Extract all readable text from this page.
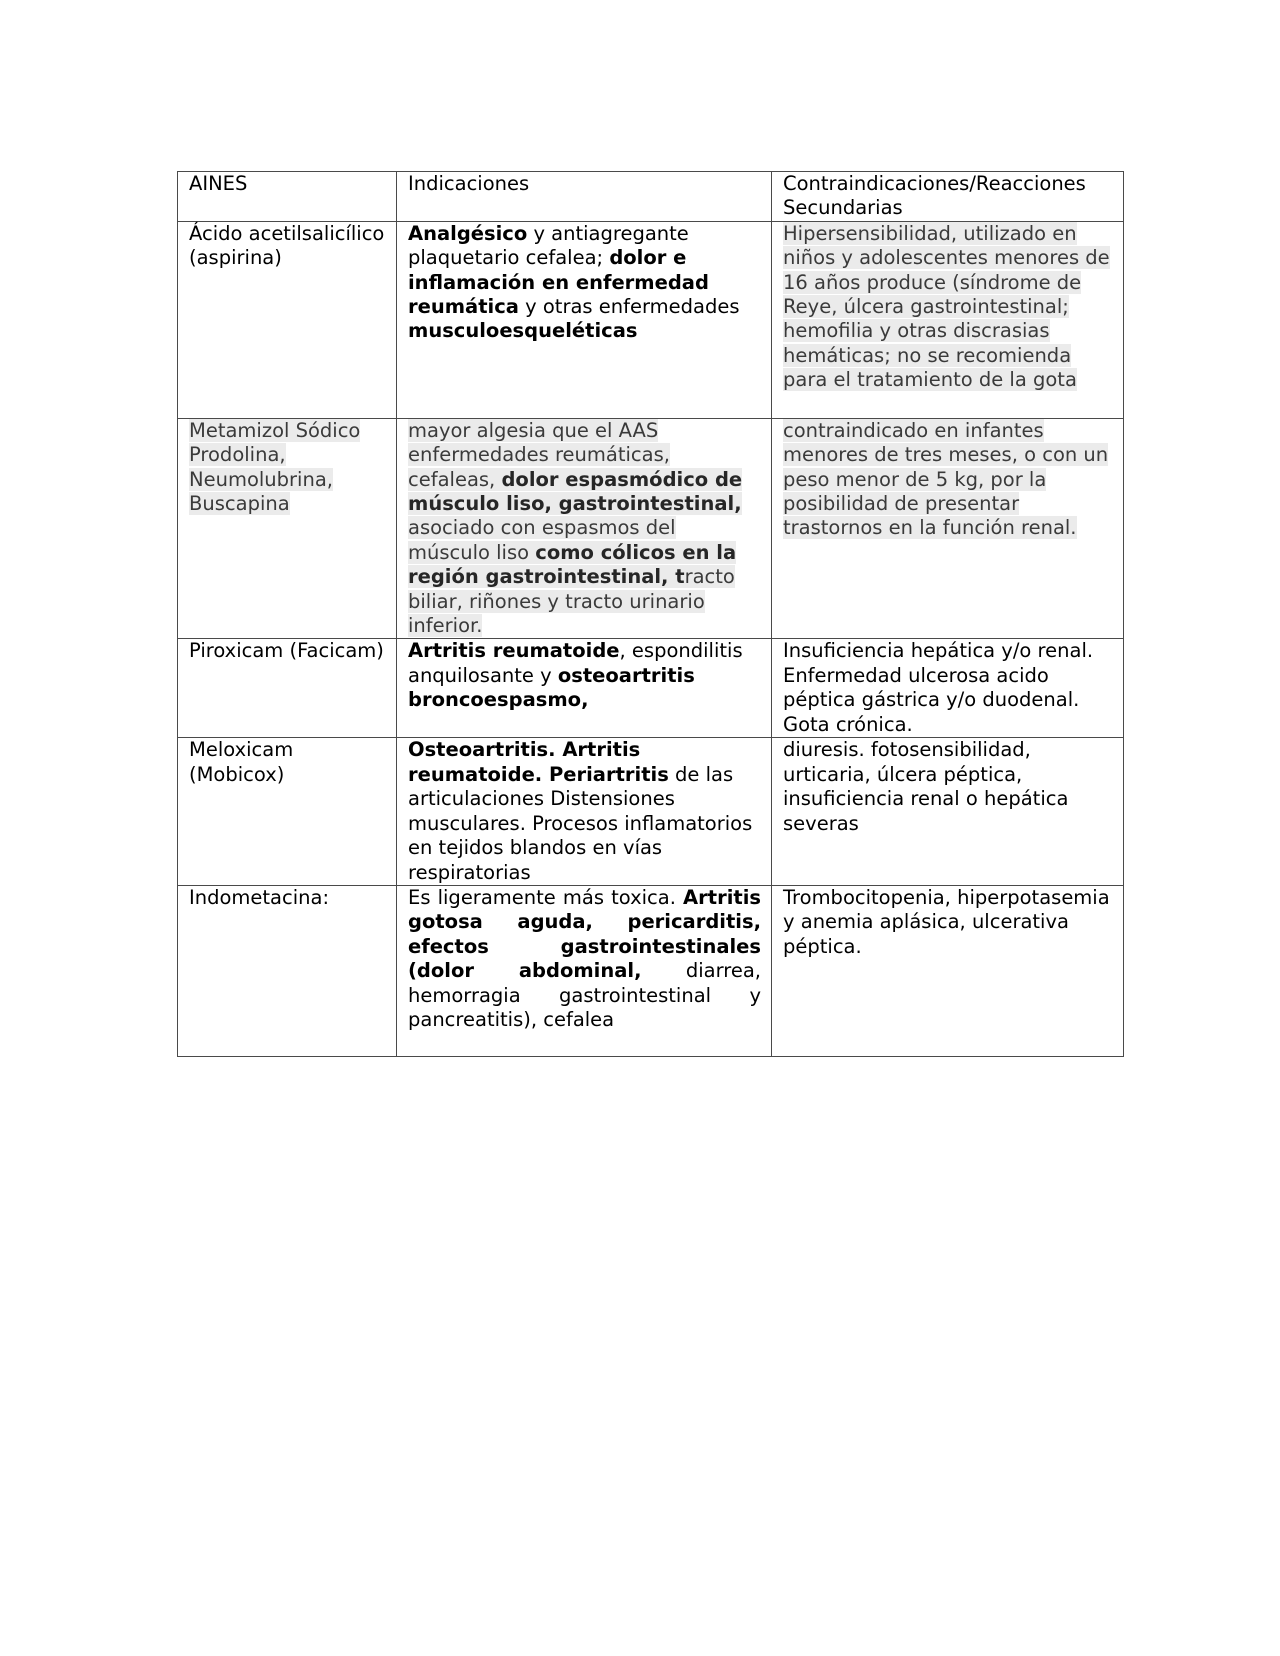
AINES	Indicaciones	Contraindicaciones/Reacciones Secundarias
Ácido acetilsalicílico (aspirina)	Analgésico y antiagregante plaquetario cefalea; dolor e inflamación en enfermedad reumática y otras enfermedades musculoesqueléticas	Hipersensibilidad, utilizado en niños y adolescentes menores de 16 años produce (síndrome de Reye, úlcera gastrointestinal; hemofilia y otras discrasias hemáticas; no se recomienda para el tratamiento de la gota
Metamizol Sódico Prodolina, Neumolubrina, Buscapina	mayor algesia que el AAS enfermedades reumáticas, cefaleas, dolor espasmódico de músculo liso, gastrointestinal, asociado con espasmos del músculo liso como cólicos en la región gastrointestinal, tracto biliar, riñones y tracto urinario inferior.	contraindicado en infantes menores de tres meses, o con un peso menor de 5 kg, por la posibilidad de presentar trastornos en la función renal.
Piroxicam (Facicam)	Artritis reumatoide, espondilitis anquilosante y osteoartritis broncoespasmo,	Insuficiencia hepática y/o renal. Enfermedad ulcerosa acido péptica gástrica y/o duodenal. Gota crónica.
Meloxicam (Mobicox)	Osteoartritis. Artritis reumatoide. Periartritis de las articulaciones Distensiones musculares. Procesos inflamatorios en tejidos blandos en vías respiratorias	diuresis. fotosensibilidad, urticaria, úlcera péptica, insuficiencia renal o hepática severas
Indometacina:	Es ligeramente más toxica. Artritis gotosa aguda, pericarditis, efectos gastrointestinales (dolor abdominal, diarrea, hemorragia gastrointestinal y pancreatitis), cefalea	Trombocitopenia, hiperpotasemia y anemia aplásica, ulcerativa péptica.
